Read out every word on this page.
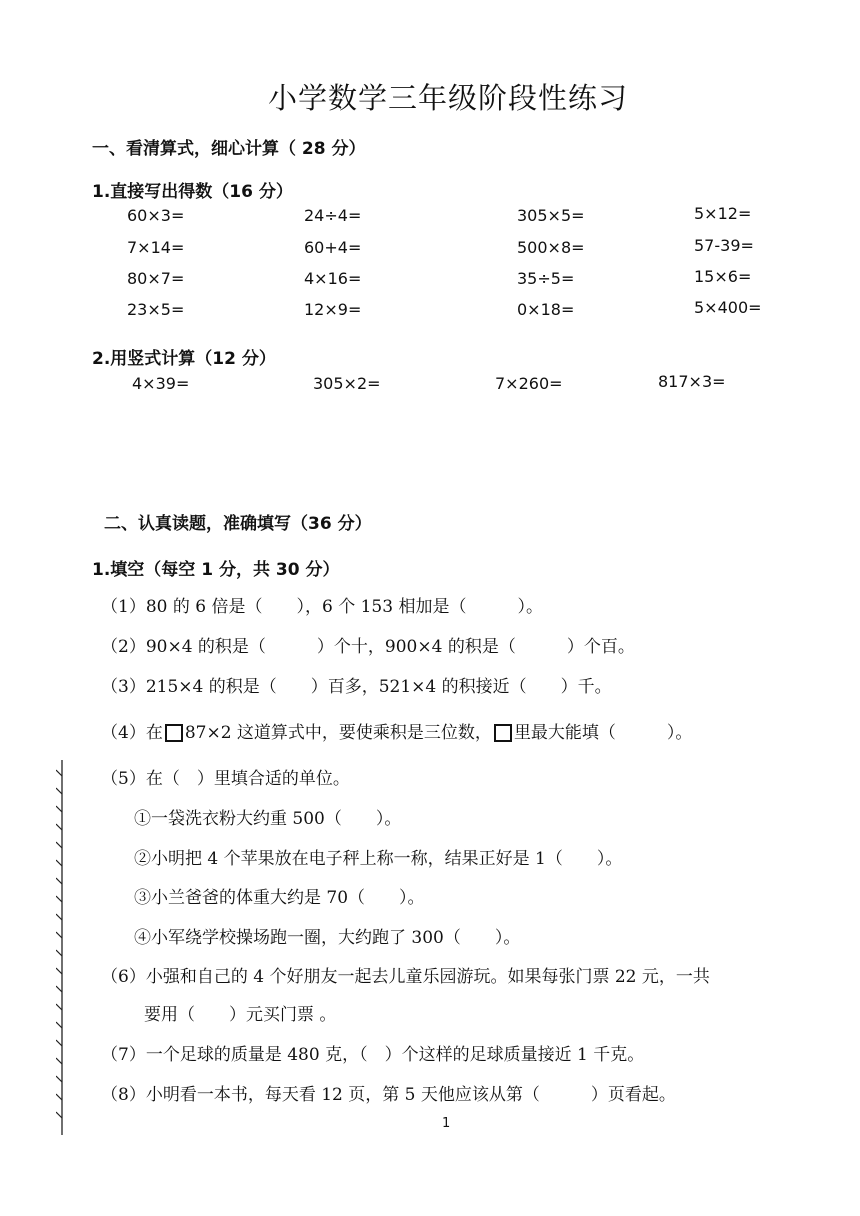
小学数学三年级阶段性练习
一、看清算式，细心计算（ 28 分）
1.直接写出得数（16 分）
60×3=	24÷4=	305×5=	5×12=
7×14=	60+4=	500×8=	57-39=
80×7=	4×16=	35÷5=	15×6=
23×5=	12×9=	0×18=	5×400=
2.用竖式计算（12 分）
4×39=	305×2=	7×260=	817×3=
二、认真读题，准确填写（36 分）
1.填空（每空 1 分，共 30 分）
（1）80 的 6 倍是（　　），6 个 153 相加是（　　　）。
（2）90×4 的积是（　　　）个十，900×4 的积是（　　　）个百。
（3）215×4 的积是（　　）百多，521×4 的积接近（　　）千。
（4）在 87×2 这道算式中，要使乘积是三位数， 里最大能填（　　　）。
（5）在（　）里填合适的单位。
①一袋洗衣粉大约重 500（　　）。
②小明把 4 个苹果放在电子秤上称一称，结果正好是 1（　　）。
③小兰爸爸的体重大约是 70（　　）。
④小军绕学校操场跑一圈，大约跑了 300（　　）。
（6）小强和自己的 4 个好朋友一起去儿童乐园游玩。如果每张门票 22 元，一共
要用（　　）元买门票 。
（7）一个足球的质量是 480 克，（　）个这样的足球质量接近 1 千克。
（8）小明看一本书，每天看 12 页，第 5 天他应该从第（　　　）页看起。
1
